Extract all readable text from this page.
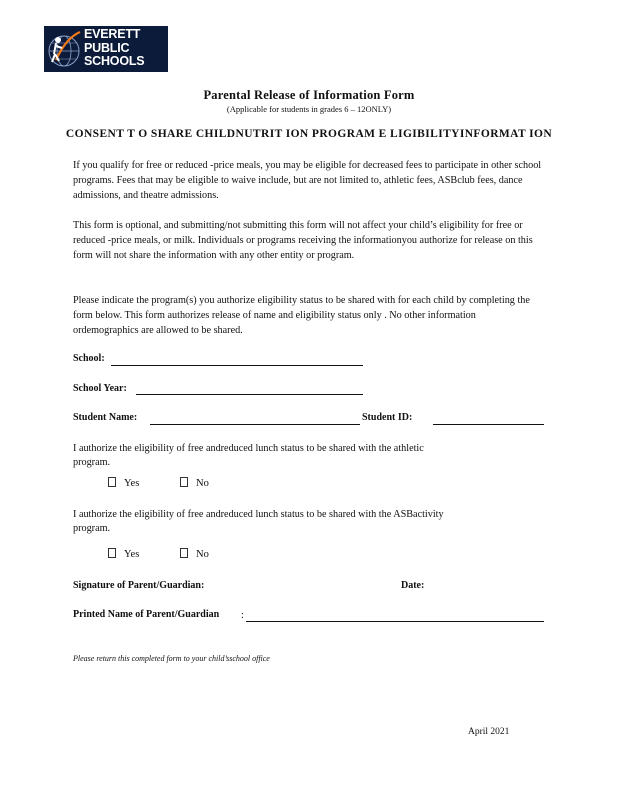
EVERETT
PUBLIC
SCHOOLS
Parental Release of Information Form
(Applicable for students in grades 6 – 12ONLY)
CONSENT T O SHARE CHILDNUTRIT ION PROGRAM E LIGIBILITYINFORMAT ION
If you qualify for free or reduced -price meals, you may be eligible for decreased fees to participate in other school programs. Fees that may be eligible to waive include, but are not limited to, athletic fees, ASBclub fees, dance admissions, and theatre admissions.
This form is optional, and submitting/not submitting this form will not affect your child’s eligibility for free or reduced -price meals, or milk. Individuals or programs receiving the informationyou authorize for release on this form will not share the information with any other entity or program.
Please indicate the program(s) you authorize eligibility status to be shared with for each child by completing the form below. This form authorizes release of name and eligibility status only . No other information ordemographics are allowed to be shared.
School:
School Year:
Student Name:	Student ID:
I authorize the eligibility of free andreduced lunch status to be shared with the athletic
program.
Yes	No
I authorize the eligibility of free andreduced lunch status to be shared with the ASBactivity
program.
Yes	No
Signature of Parent/Guardian:	Date:
Printed Name of Parent/Guardian :
Please return this completed form to your child’sschool office
April 2021
